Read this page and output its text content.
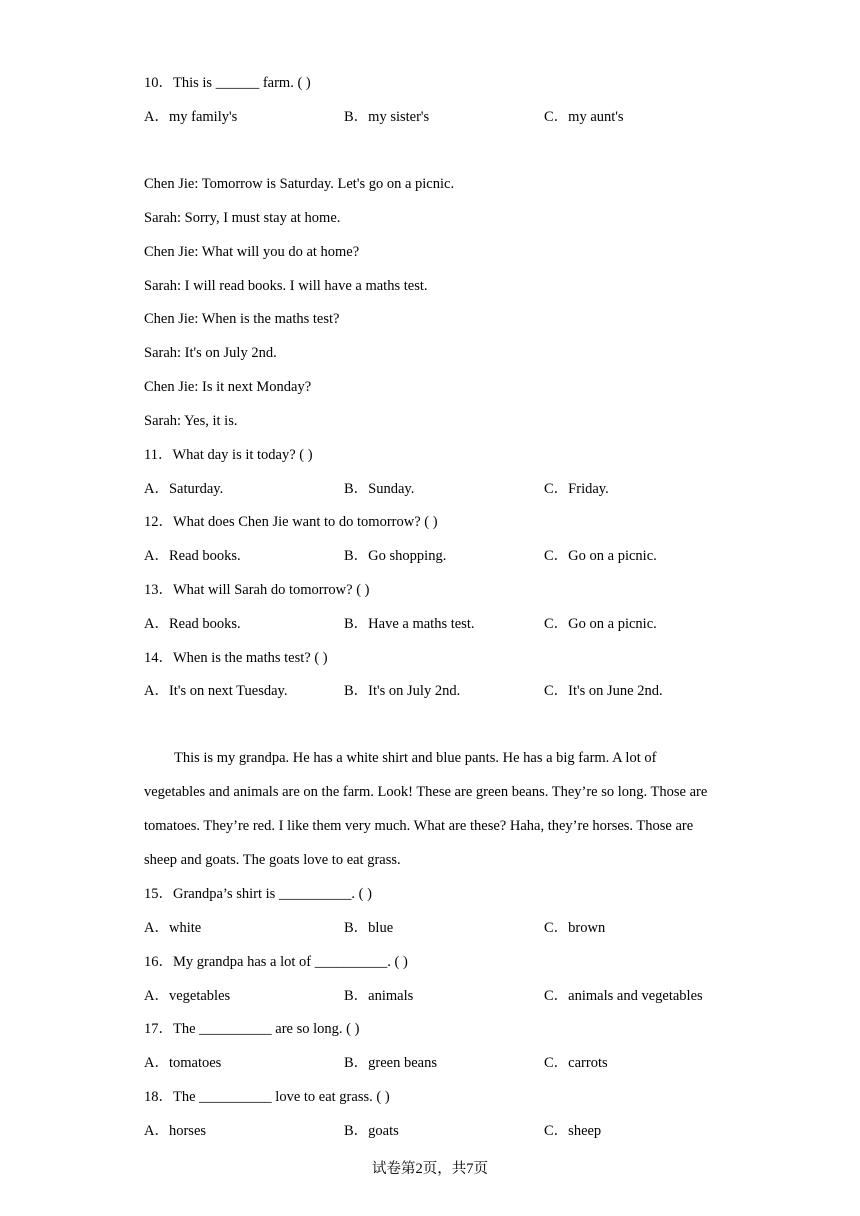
10．This is ______ farm. ( )
A．my family's	B．my sister's	C．my aunt's
Chen Jie: Tomorrow is Saturday. Let's go on a picnic.
Sarah: Sorry, I must stay at home.
Chen Jie: What will you do at home?
Sarah: I will read books. I will have a maths test.
Chen Jie: When is the maths test?
Sarah: It's on July 2nd.
Chen Jie: Is it next Monday?
Sarah: Yes, it is.
11．What day is it today? ( )
A．Saturday.	B．Sunday.	C．Friday.
12．What does Chen Jie want to do tomorrow? ( )
A．Read books.	B．Go shopping.	C．Go on a picnic.
13．What will Sarah do tomorrow? ( )
A．Read books.	B．Have a maths test.	C．Go on a picnic.
14．When is the maths test? ( )
A．It's on next Tuesday.	B．It's on July 2nd.	C．It's on June 2nd.
This is my grandpa. He has a white shirt and blue pants. He has a big farm. A lot of vegetables and animals are on the farm. Look! These are green beans. They’re so long. Those are tomatoes. They’re red. I like them very much. What are these? Haha, they’re horses. Those are sheep and goats. The goats love to eat grass.
15．Grandpa’s shirt is __________. ( )
A．white	B．blue	C．brown
16．My grandpa has a lot of __________. ( )
A．vegetables	B．animals	C．animals and vegetables
17．The __________ are so long. ( )
A．tomatoes	B．green beans	C．carrots
18．The __________ love to eat grass. ( )
A．horses	B．goats	C．sheep
试卷第2页，共7页
